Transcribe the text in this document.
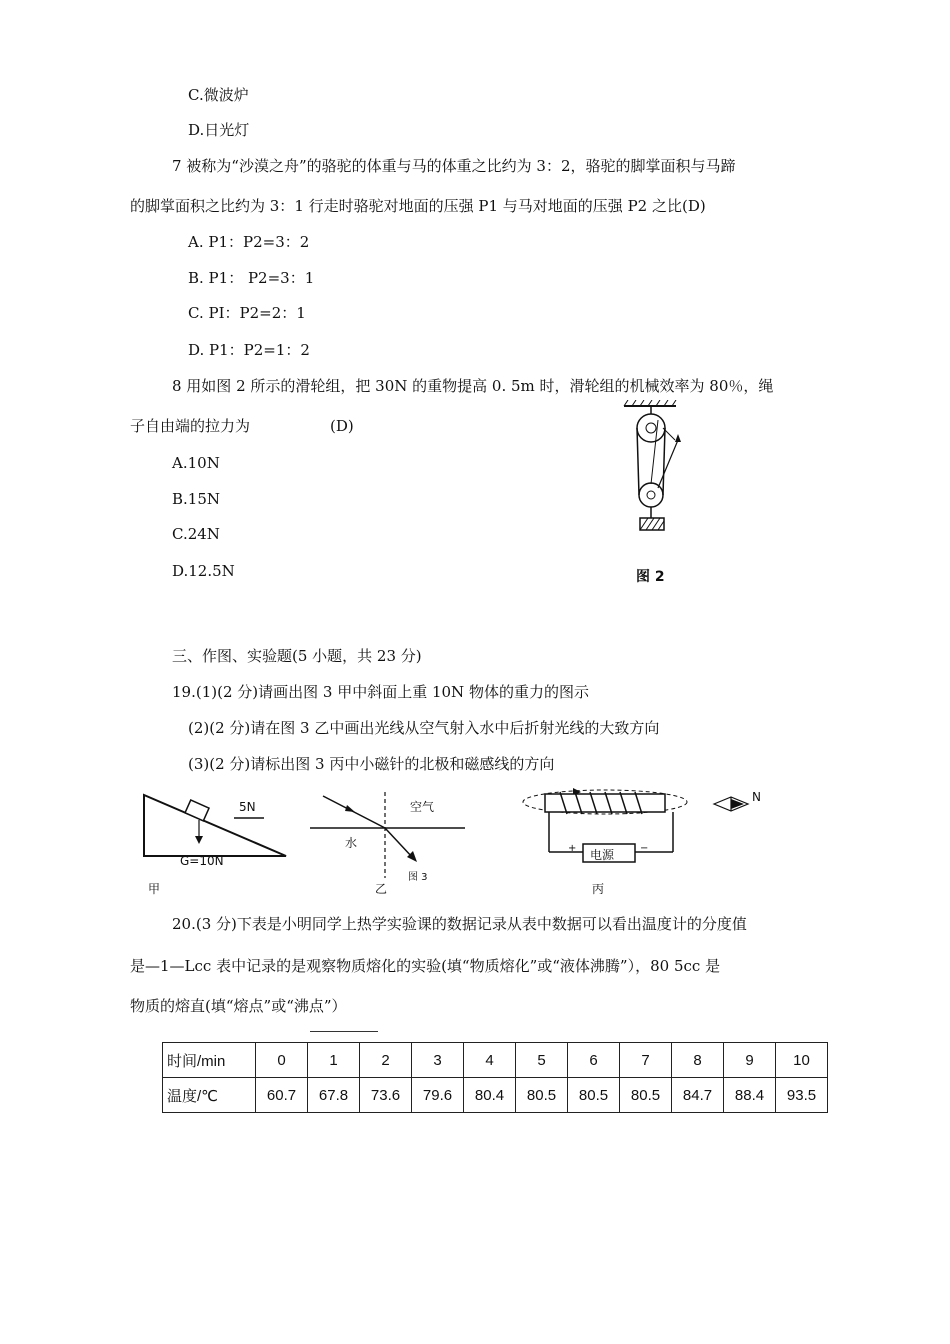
C.微波炉
D.日光灯
7 被称为“沙漠之舟”的骆驼的体重与马的体重之比约为 3：2，骆驼的脚掌面积与马蹄
的脚掌面积之比约为 3：1 行走时骆驼对地面的压强 P1 与马对地面的压强 P2 之比(D)
A. P1：P2=3：2
B. P1： P2=3：1
C. PI：P2=2：1
D. P1：P2=1：2
8 用如图 2 所示的滑轮组，把 30N 的重物提高 0. 5m 时，滑轮组的机械效率为 80％，绳
子自由端的拉力为	(D)
A.10N
B.15N
C.24N
D.12.5N	图 2
三、作图、实验题(5 小题，共 23 分)
19.(1)(2 分)请画出图 3 甲中斜面上重 10N 物体的重力的图示
(2)(2 分)请在图 3 乙中画出光线从空气射入水中后折射光线的大致方向
(3)(2 分)请标出图 3 丙中小磁针的北极和磁感线的方向
5N
G=10N
甲
空气
水
乙
图 3
电源
+	−
丙
N
20.(3 分)下表是小明同学上热学实验课的数据记录从表中数据可以看出温度计的分度值
是—1—Lcc 表中记录的是观察物质熔化的实验(填“物质熔化”或“液体沸腾”），80 5cc 是
物质的熔直(填“熔点”或“沸点”）
时间/min	0	1	2	3	4	5	6	7	8	9	10
温度/℃	60.7	67.8	73.6	79.6	80.4	80.5	80.5	80.5	84.7	88.4	93.5
